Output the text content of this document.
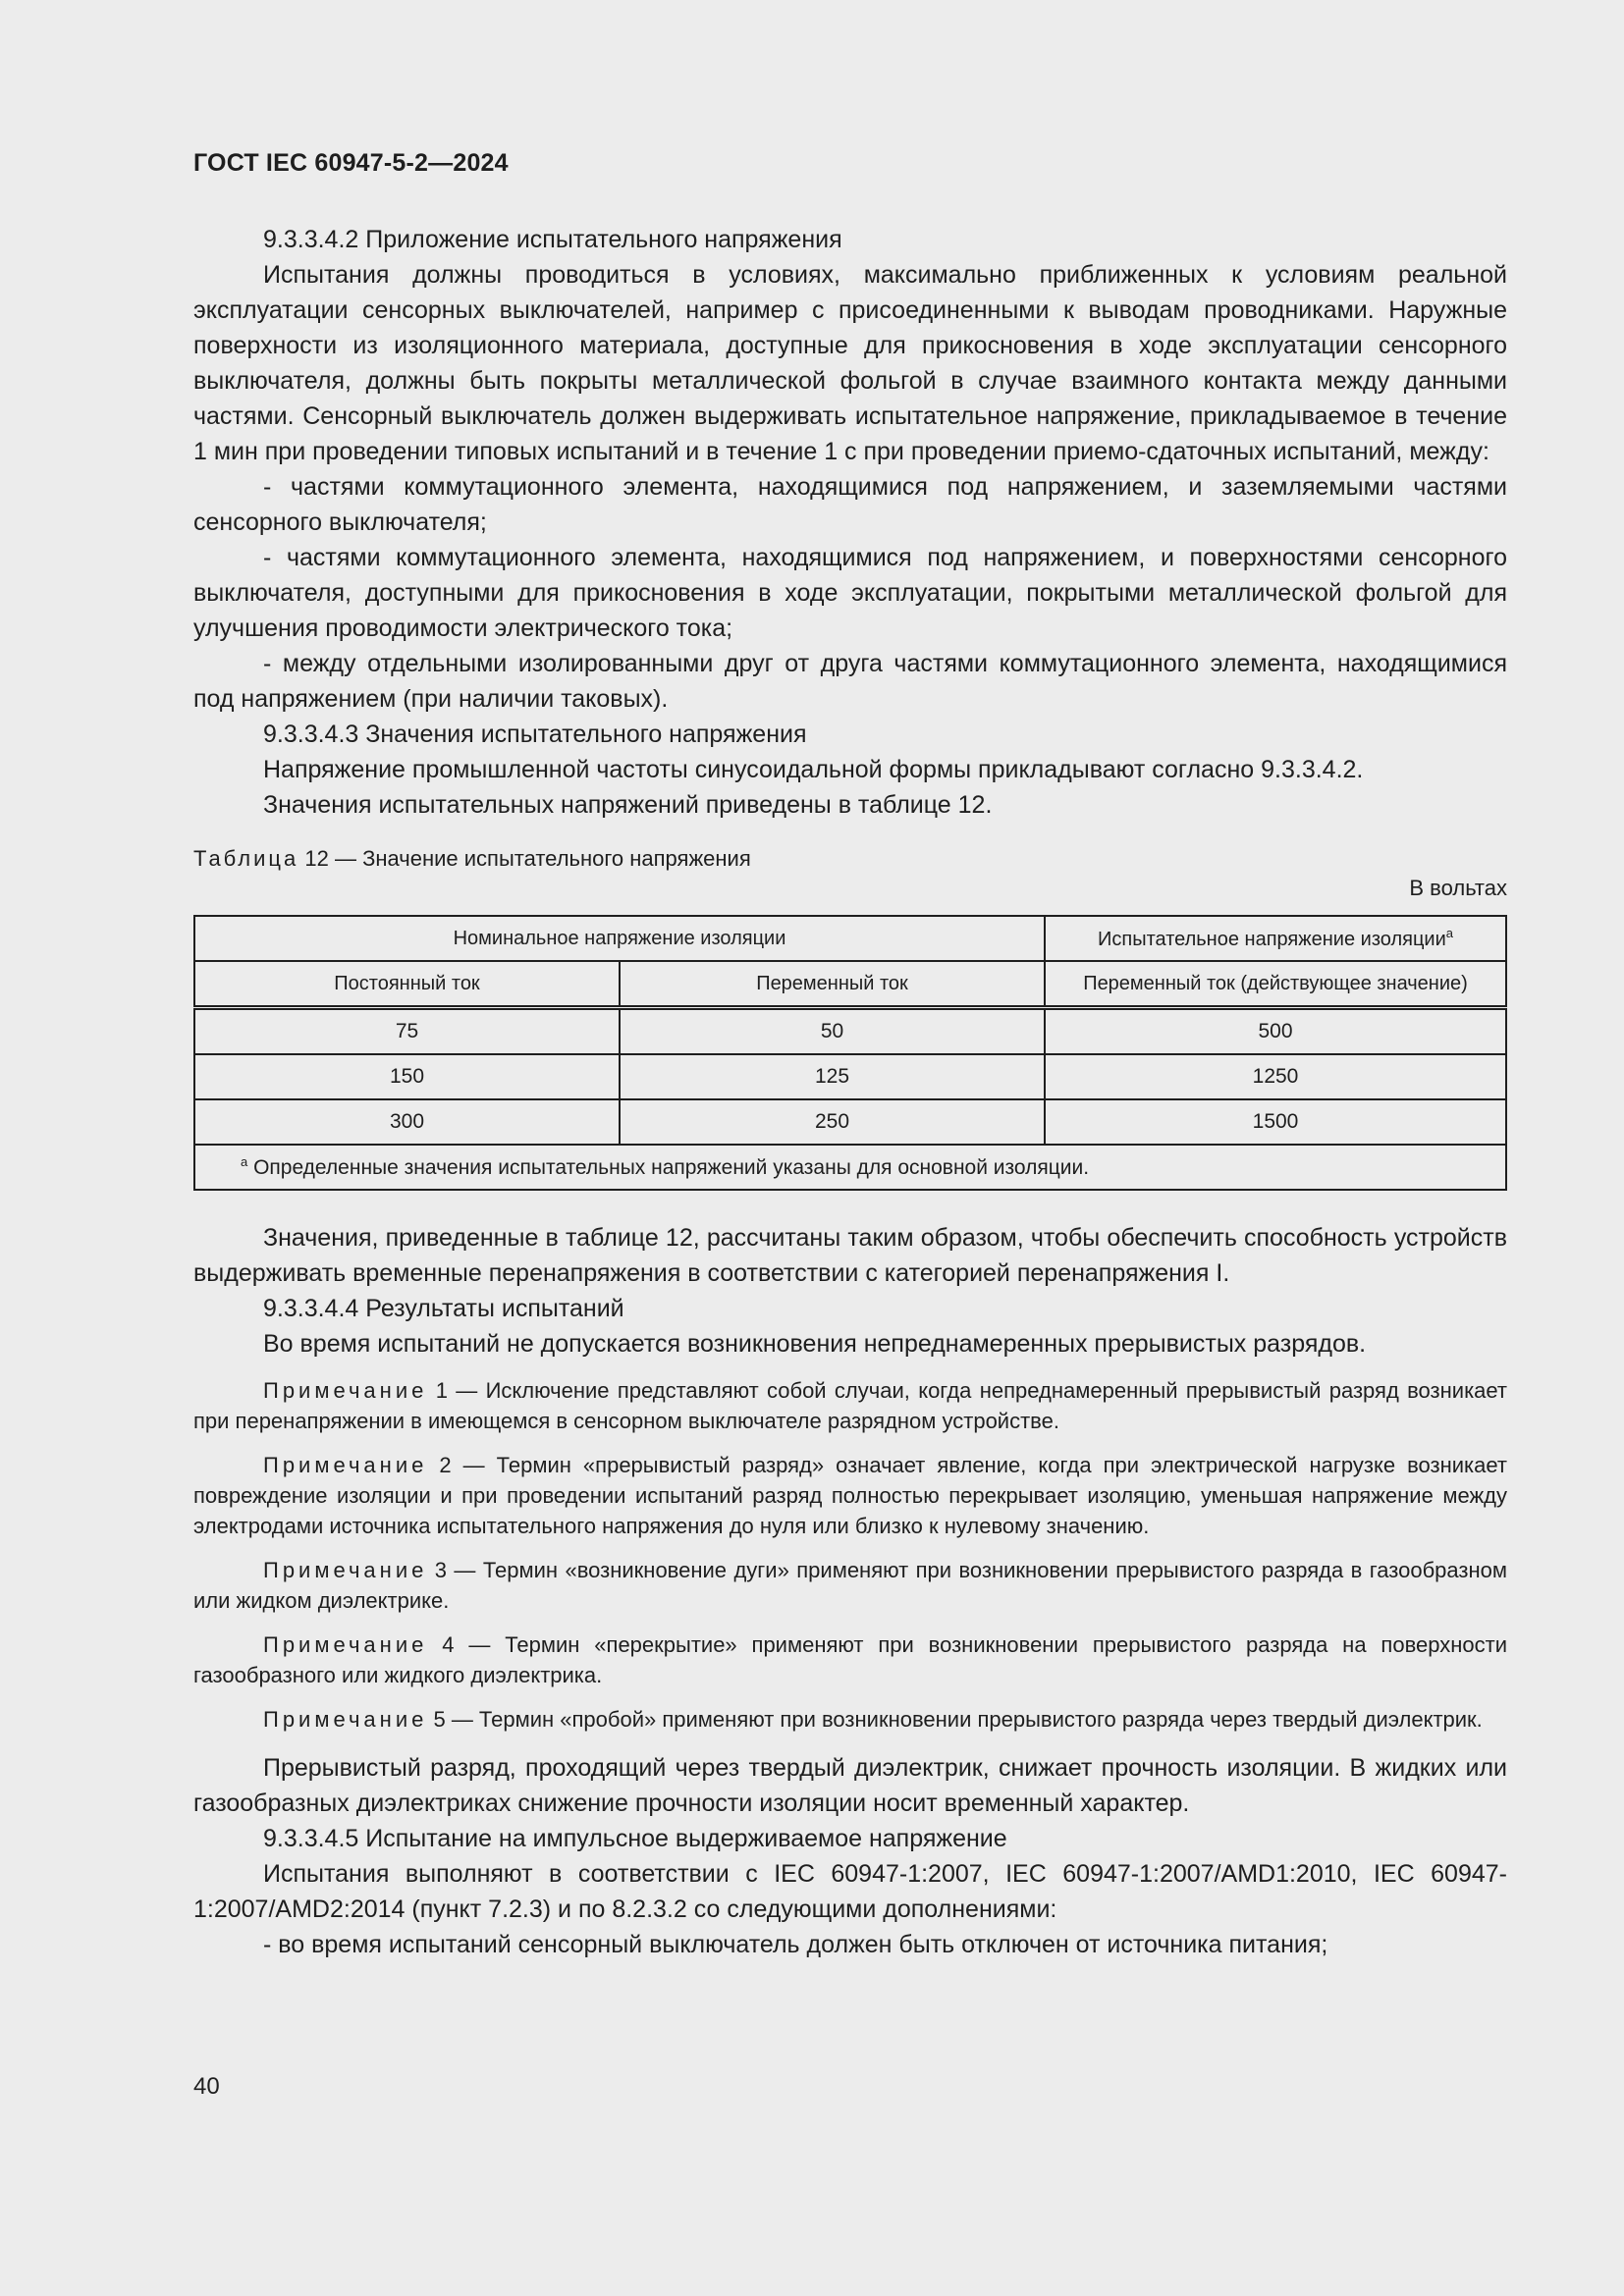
ГОСТ IEC 60947-5-2—2024

9.3.3.4.2 Приложение испытательного напряжения

Испытания должны проводиться в условиях, максимально приближенных к условиям реальной эксплуатации сенсорных выключателей, например с присоединенными к выводам проводниками. Наружные поверхности из изоляционного материала, доступные для прикосновения в ходе эксплуатации сенсорного выключателя, должны быть покрыты металлической фольгой в случае взаимного контакта между данными частями. Сенсорный выключатель должен выдерживать испытательное напряжение, прикладываемое в течение 1 мин при проведении типовых испытаний и в течение 1 с при проведении приемо-сдаточных испытаний, между:

- частями коммутационного элемента, находящимися под напряжением, и заземляемыми частями сенсорного выключателя;

- частями коммутационного элемента, находящимися под напряжением, и поверхностями сенсорного выключателя, доступными для прикосновения в ходе эксплуатации, покрытыми металлической фольгой для улучшения проводимости электрического тока;

- между отдельными изолированными друг от друга частями коммутационного элемента, находящимися под напряжением (при наличии таковых).

9.3.3.4.3 Значения испытательного напряжения

Напряжение промышленной частоты синусоидальной формы прикладывают согласно 9.3.3.4.2.

Значения испытательных напряжений приведены в таблице 12.

Таблица 12 — Значение испытательного напряжения

В вольтах

Номинальное напряжение изоляции		Испытательное напряжение изоляции$^a$
Постоянный ток	Переменный ток	Переменный ток (действующее значение)
75	50	500
150	125	1250
300	250	1500
$^a$ Определенные значения испытательных напряжений указаны для основной изоляции.		

Значения, приведенные в таблице 12, рассчитаны таким образом, чтобы обеспечить способность устройств выдерживать временные перенапряжения в соответствии с категорией перенапряжения I.

9.3.3.4.4 Результаты испытаний

Во время испытаний не допускается возникновения непреднамеренных прерывистых разрядов.

Примечание 1 — Исключение представляют собой случаи, когда непреднамеренный прерывистый разряд возникает при перенапряжении в имеющемся в сенсорном выключателе разрядном устройстве.

Примечание 2 — Термин «прерывистый разряд» означает явление, когда при электрической нагрузке возникает повреждение изоляции и при проведении испытаний разряд полностью перекрывает изоляцию, уменьшая напряжение между электродами источника испытательного напряжения до нуля или близко к нулевому значению.

Примечание 3 — Термин «возникновение дуги» применяют при возникновении прерывистого разряда в газообразном или жидком диэлектрике.

Примечание 4 — Термин «перекрытие» применяют при возникновении прерывистого разряда на поверхности газообразного или жидкого диэлектрика.

Примечание 5 — Термин «пробой» применяют при возникновении прерывистого разряда через твердый диэлектрик.

Прерывистый разряд, проходящий через твердый диэлектрик, снижает прочность изоляции. В жидких или газообразных диэлектриках снижение прочности изоляции носит временный характер.

9.3.3.4.5 Испытание на импульсное выдерживаемое напряжение

Испытания выполняют в соответствии с IEC 60947-1:2007, IEC 60947-1:2007/AMD1:2010, IEC 60947-1:2007/AMD2:2014 (пункт 7.2.3) и по 8.2.3.2 со следующими дополнениями:

- во время испытаний сенсорный выключатель должен быть отключен от источника питания;

40
